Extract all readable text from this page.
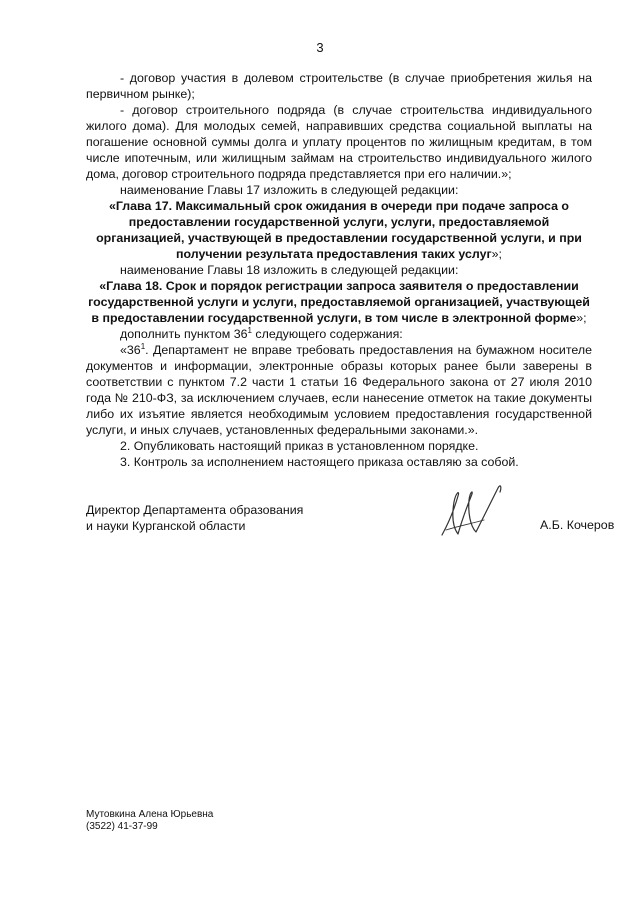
3

- договор участия в долевом строительстве (в случае приобретения жилья на первичном рынке);

- договор строительного подряда (в случае строительства индивидуального жилого дома). Для молодых семей, направивших средства социальной выплаты на погашение основной суммы долга и уплату процентов по жилищным кредитам, в том числе ипотечным, или жилищным займам на строительство индивидуального жилого дома, договор строительного подряда представляется при его наличии.»;

наименование Главы 17 изложить в следующей редакции:

«Глава 17. Максимальный срок ожидания в очереди при подаче запроса о предоставлении государственной услуги, услуги, предоставляемой организацией, участвующей в предоставлении государственной услуги, и при получении результата предоставления таких услуг»;

наименование Главы 18 изложить в следующей редакции:

«Глава 18. Срок и порядок регистрации запроса заявителя о предоставлении государственной услуги и услуги, предоставляемой организацией, участвующей в предоставлении государственной услуги, в том числе в электронной форме»;

дополнить пунктом $36^1$ следующего содержания:

«$36^1$. Департамент не вправе требовать предоставления на бумажном носителе документов и информации, электронные образы которых ранее были заверены в соответствии с пунктом 7.2 части 1 статьи 16 Федерального закона от 27 июля 2010 года № 210-ФЗ, за исключением случаев, если нанесение отметок на такие документы либо их изъятие является необходимым условием предоставления государственной услуги, и иных случаев, установленных федеральными законами.».

2. Опубликовать настоящий приказ в установленном порядке.

3. Контроль за исполнением настоящего приказа оставляю за собой.

Директор Департамента образования
и науки Курганской области	А.Б. Кочеров
Мутовкина Алена Юрьевна
(3522) 41-37-99
